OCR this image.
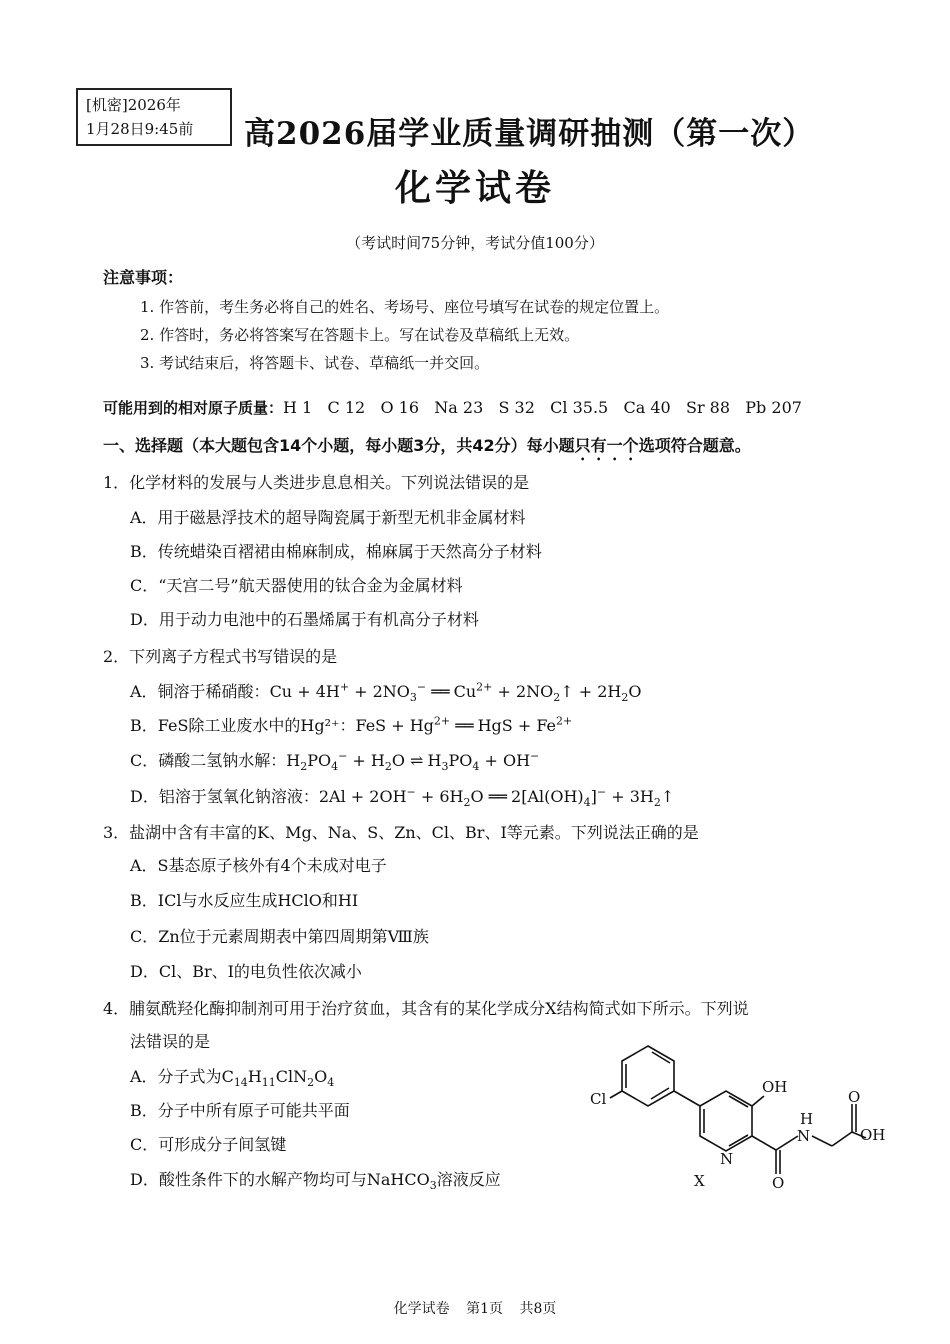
[机密]2026年
1月28日9:45前	高2026届学业质量调研抽测（第一次）
化学试卷
（考试时间75分钟，考试分值100分）
注意事项：
1. 作答前，考生务必将自己的姓名、考场号、座位号填写在试卷的规定位置上。
2. 作答时，务必将答案写在答题卡上。写在试卷及草稿纸上无效。
3. 考试结束后，将答题卡、试卷、草稿纸一并交回。
可能用到的相对原子质量：H 1   C 12   O 16   Na 23   S 32   Cl 35.5   Ca 40   Sr 88   Pb 207
一、选择题（本大题包含14个小题，每小题3分，共42分）每小题只有一个选项符合题意。
1．化学材料的发展与人类进步息息相关。下列说法错误的是
A．用于磁悬浮技术的超导陶瓷属于新型无机非金属材料
B．传统蜡染百褶裙由棉麻制成，棉麻属于天然高分子材料
C．“天宫二号”航天器使用的钛合金为金属材料
D．用于动力电池中的石墨烯属于有机高分子材料
2．下列离子方程式书写错误的是
A．铜溶于稀硝酸：$Cu + 4H^+ + 2NO_3^-$ ══ $Cu^{2+}$ + $2NO_2↑ + 2H_2O$
B．FeS除工业废水中的Hg²⁺：FeS + $Hg^{2+}$ ══ HgS + $Fe^{2+}$
C．磷酸二氢钠水解：$H_2PO_4^- + H_2O$ ⇌ $H_3PO_4 + OH^-$
D．铝溶于氢氧化钠溶液：$2Al + 2OH^- + 6H_2O$ ══ $2[Al(OH)_4]^-$ + $3H_2↑$
3．盐湖中含有丰富的K、Mg、Na、S、Zn、Cl、Br、I等元素。下列说法正确的是
A．S基态原子核外有4个未成对电子
B．ICl与水反应生成HClO和HI
C．Zn位于元素周期表中第四周期第Ⅷ族
D．Cl、Br、I的电负性依次减小
4．脯氨酰羟化酶抑制剂可用于治疗贫血，其含有的某化学成分X结构简式如下所示。下列说
法错误的是
A．分子式为$C_{14}H_{11}ClN_2O_4$
B．分子中所有原子可能共平面
C．可形成分子间氢键
D．酸性条件下的水解产物均可与NaHCO$_3$溶液反应
Cl
OH
N
N
H
O
O
OH
X
化学试卷 第1页 共8页
